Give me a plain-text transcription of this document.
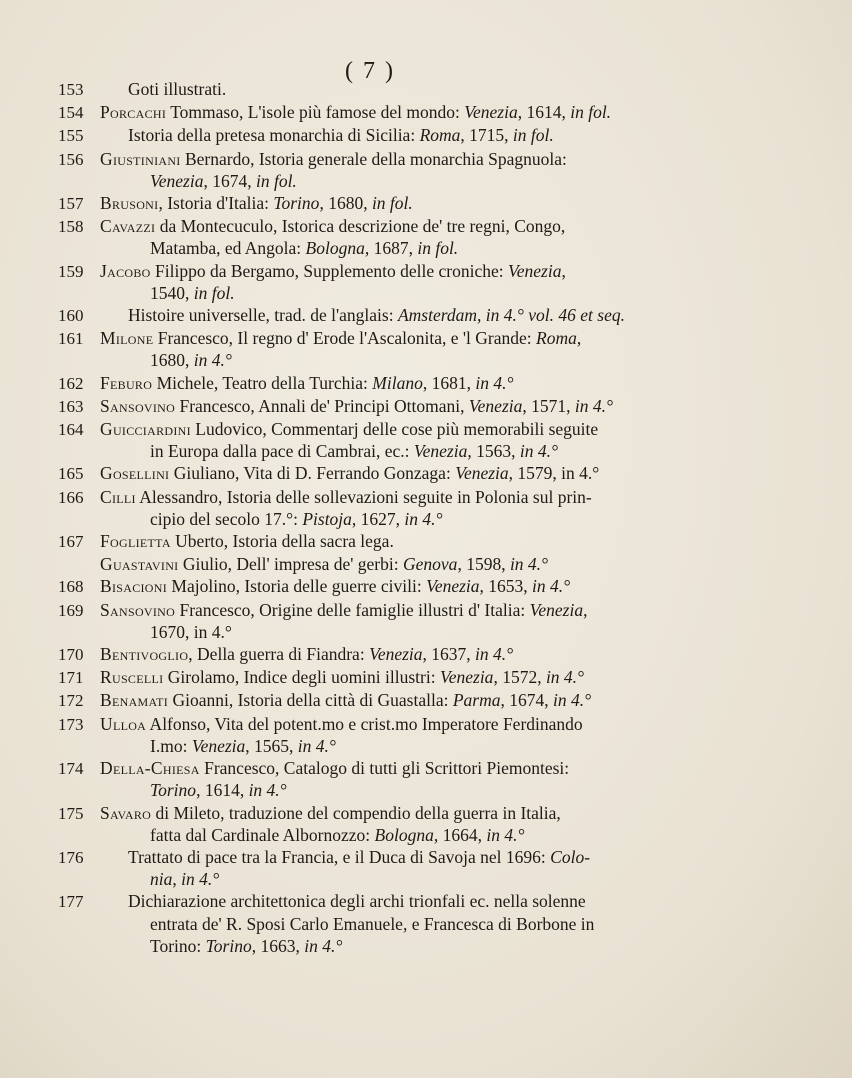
( 7 )
153	Goti illustrati.
154 Porcachi Tommaso, L'isole più famose del mondo: Venezia, 1614, in fol.
155	Istoria della pretesa monarchia di Sicilia: Roma, 1715, in fol.
156 Giustiniani Bernardo, Istoria generale della monarchia Spagnuola:
Venezia, 1674, in fol.
157 Brusoni, Istoria d'Italia: Torino, 1680, in fol.
158 Cavazzi da Montecuculo, Istorica descrizione de' tre regni, Congo,
Matamba, ed Angola: Bologna, 1687, in fol.
159 Jacobo Filippo da Bergamo, Supplemento delle croniche: Venezia,
1540, in fol.
160	Histoire universelle, trad. de l'anglais: Amsterdam, in 4.° vol. 46 et seq.
161 Milone Francesco, Il regno d' Erode l'Ascalonita, e 'l Grande: Roma,
1680, in 4.°
162 Feburo Michele, Teatro della Turchia: Milano, 1681, in 4.°
163 Sansovino Francesco, Annali de' Principi Ottomani, Venezia, 1571, in 4.°
164 Guicciardini Ludovico, Commentarj delle cose più memorabili seguite
in Europa dalla pace di Cambrai, ec.: Venezia, 1563, in 4.°
165 Gosellini Giuliano, Vita di D. Ferrando Gonzaga: Venezia, 1579, in 4.°
166 Cilli Alessandro, Istoria delle sollevazioni seguite in Polonia sul prin-
cipio del secolo 17.°: Pistoja, 1627, in 4.°
167 Foglietta Uberto, Istoria della sacra lega.
Guastavini Giulio, Dell' impresa de' gerbi: Genova, 1598, in 4.°
168 Bisacioni Majolino, Istoria delle guerre civili: Venezia, 1653, in 4.°
169 Sansovino Francesco, Origine delle famiglie illustri d' Italia: Venezia,
1670, in 4.°
170 Bentivoglio, Della guerra di Fiandra: Venezia, 1637, in 4.°
171 Ruscelli Girolamo, Indice degli uomini illustri: Venezia, 1572, in 4.°
172 Benamati Gioanni, Istoria della città di Guastalla: Parma, 1674, in 4.°
173 Ulloa Alfonso, Vita del potent.mo e crist.mo Imperatore Ferdinando
I.mo: Venezia, 1565, in 4.°
174 Della-Chiesa Francesco, Catalogo di tutti gli Scrittori Piemontesi:
Torino, 1614, in 4.°
175 Savaro di Mileto, traduzione del compendio della guerra in Italia,
fatta dal Cardinale Albornozzo: Bologna, 1664, in 4.°
176	Trattato di pace tra la Francia, e il Duca di Savoja nel 1696: Colo-
nia, in 4.°
177	Dichiarazione architettonica degli archi trionfali ec. nella solenne
entrata de' R. Sposi Carlo Emanuele, e Francesca di Borbone in
Torino: Torino, 1663, in 4.°
